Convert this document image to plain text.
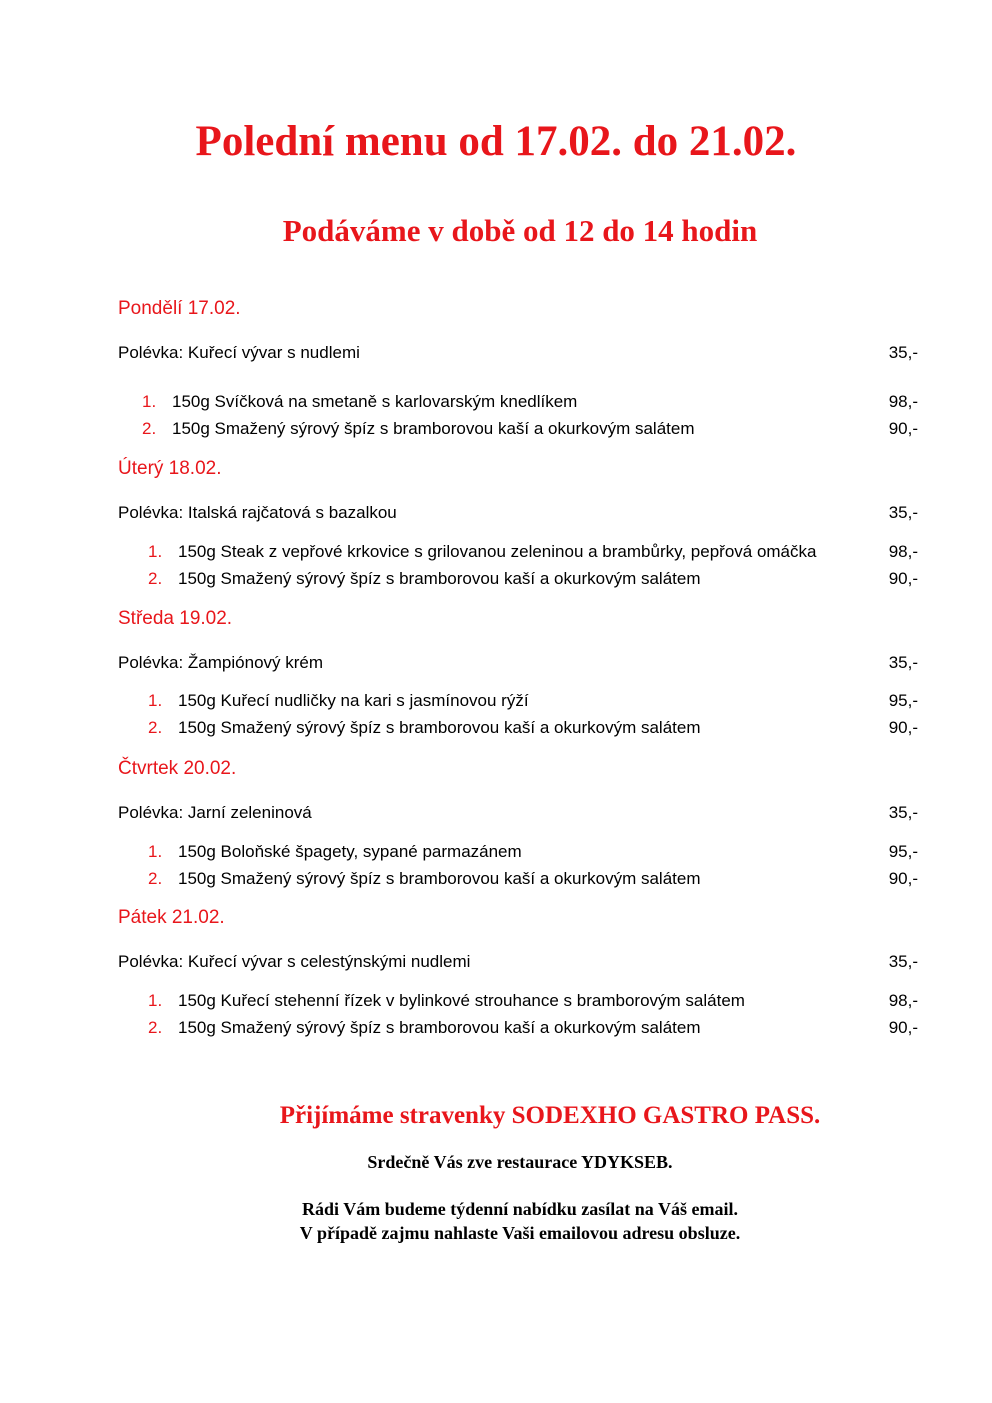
Polední menu od 17.02. do 21.02.
Podáváme v době od 12 do 14 hodin
Pondělí 17.02.
Polévka: Kuřecí vývar s nudlemi	35,-
1. 150g Svíčková na smetaně s karlovarským knedlíkem	98,-
2. 150g Smažený sýrový špíz s bramborovou kaší a okurkovým salátem	90,-
Úterý 18.02.
Polévka: Italská rajčatová s bazalkou	35,-
1. 150g Steak z vepřové krkovice s grilovanou zeleninou a brambůrky, pepřová omáčka	98,-
2. 150g Smažený sýrový špíz s bramborovou kaší a okurkovým salátem	90,-
Středa 19.02.
Polévka: Žampiónový krém	35,-
1. 150g Kuřecí nudličky na kari s jasmínovou rýží	95,-
2. 150g Smažený sýrový špíz s bramborovou kaší a okurkovým salátem	90,-
Čtvrtek 20.02.
Polévka: Jarní zeleninová	35,-
1. 150g Boloňské špagety, sypané parmazánem	95,-
2. 150g Smažený sýrový špíz s bramborovou kaší a okurkovým salátem	90,-
Pátek 21.02.
Polévka: Kuřecí vývar s celestýnskými nudlemi	35,-
1. 150g Kuřecí stehenní řízek v bylinkové strouhance s bramborovým salátem	98,-
2. 150g Smažený sýrový špíz s bramborovou kaší a okurkovým salátem	90,-
Přijímáme stravenky SODEXHO GASTRO PASS.
Srdečně Vás zve restaurace YDYKSEB.
Rádi Vám budeme týdenní nabídku zasílat na Váš email.
V případě zajmu nahlaste Vaši emailovou adresu obsluze.
